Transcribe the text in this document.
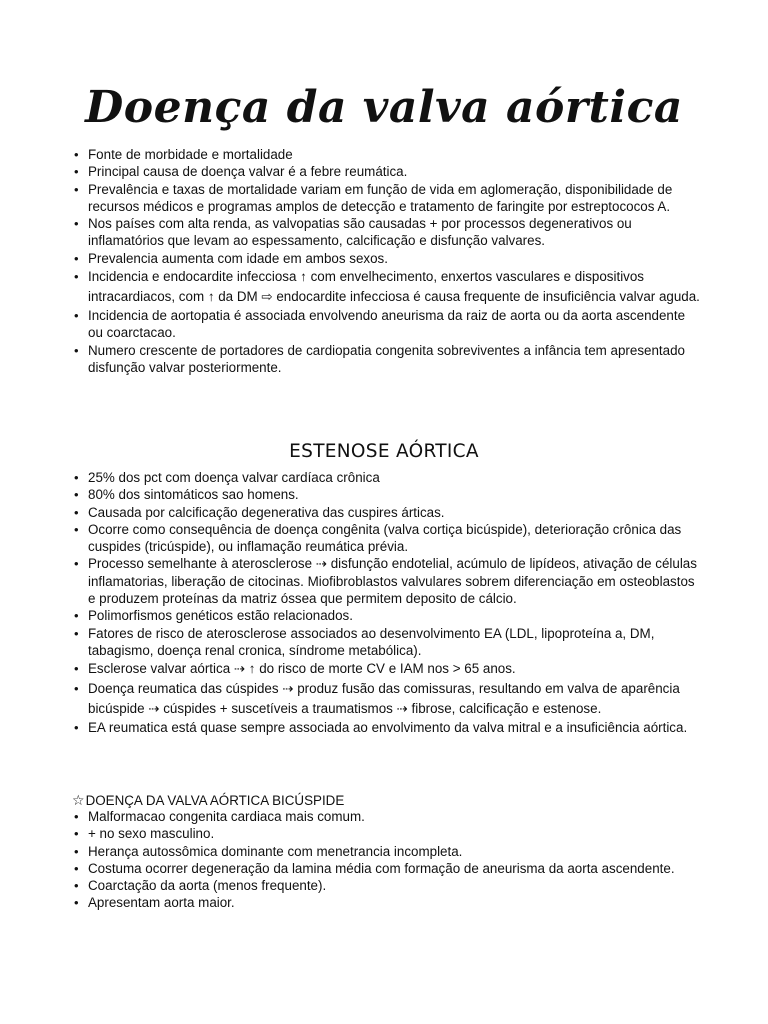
Doença da valva aórtica
• Fonte de morbidade e mortalidade
• Principal causa de doença valvar é a febre reumática.
• Prevalência e taxas de mortalidade variam em função de vida em aglomeração, disponibilidade de recursos médicos e programas amplos de detecção e tratamento de faringite por estreptococos A.
• Nos países com alta renda, as valvopatias são causadas + por processos degenerativos ou inflamatórios que levam ao espessamento, calcificação e disfunção valvares.
• Prevalencia aumenta com idade em ambos sexos.
• Incidencia e endocardite infecciosa ↑ com envelhecimento, enxertos vasculares e dispositivos intracardiacos, com ↑ da DM ⇨ endocardite infecciosa é causa frequente de insuficiência valvar aguda.
• Incidencia de aortopatia é associada envolvendo aneurisma da raiz de aorta ou da aorta ascendente ou coarctacao.
• Numero crescente de portadores de cardiopatia congenita sobreviventes a infância tem apresentado disfunção valvar posteriormente.
ESTENOSE AÓRTICA
• 25% dos pct com doença valvar cardíaca crônica
• 80% dos sintomáticos sao homens.
• Causada por calcificação degenerativa das cuspires árticas.
• Ocorre como consequência de doença congênita (valva cortiça bicúspide), deterioração crônica das cuspides (tricúspide), ou inflamação reumática prévia.
• Processo semelhante à aterosclerose ⇢ disfunção endotelial, acúmulo de lipídeos, ativação de células inflamatorias, liberação de citocinas. Miofibroblastos valvulares sobrem diferenciação em osteoblastos e produzem proteínas da matriz óssea que permitem deposito de cálcio.
• Polimorfismos genéticos estão relacionados.
• Fatores de risco de aterosclerose associados ao desenvolvimento EA (LDL, lipoproteína a, DM, tabagismo, doença renal cronica, síndrome metabólica).
• Esclerose valvar aórtica ⇢ ↑ do risco de morte CV e IAM nos > 65 anos.
• Doença reumatica das cúspides ⇢ produz fusão das comissuras, resultando em valva de aparência bicúspide ⇢ cúspides + suscetíveis a traumatismos ⇢ fibrose, calcificação e estenose.
• EA reumatica está quase sempre associada ao envolvimento da valva mitral e a insuficiência aórtica.
☆DOENÇA DA VALVA AÓRTICA BICÚSPIDE
• Malformacao congenita cardiaca mais comum.
• + no sexo masculino.
• Herança autossômica dominante com menetrancia incompleta.
• Costuma ocorrer degeneração da lamina média com formação de aneurisma da aorta ascendente.
• Coarctação da aorta (menos frequente).
• Apresentam aorta maior.
